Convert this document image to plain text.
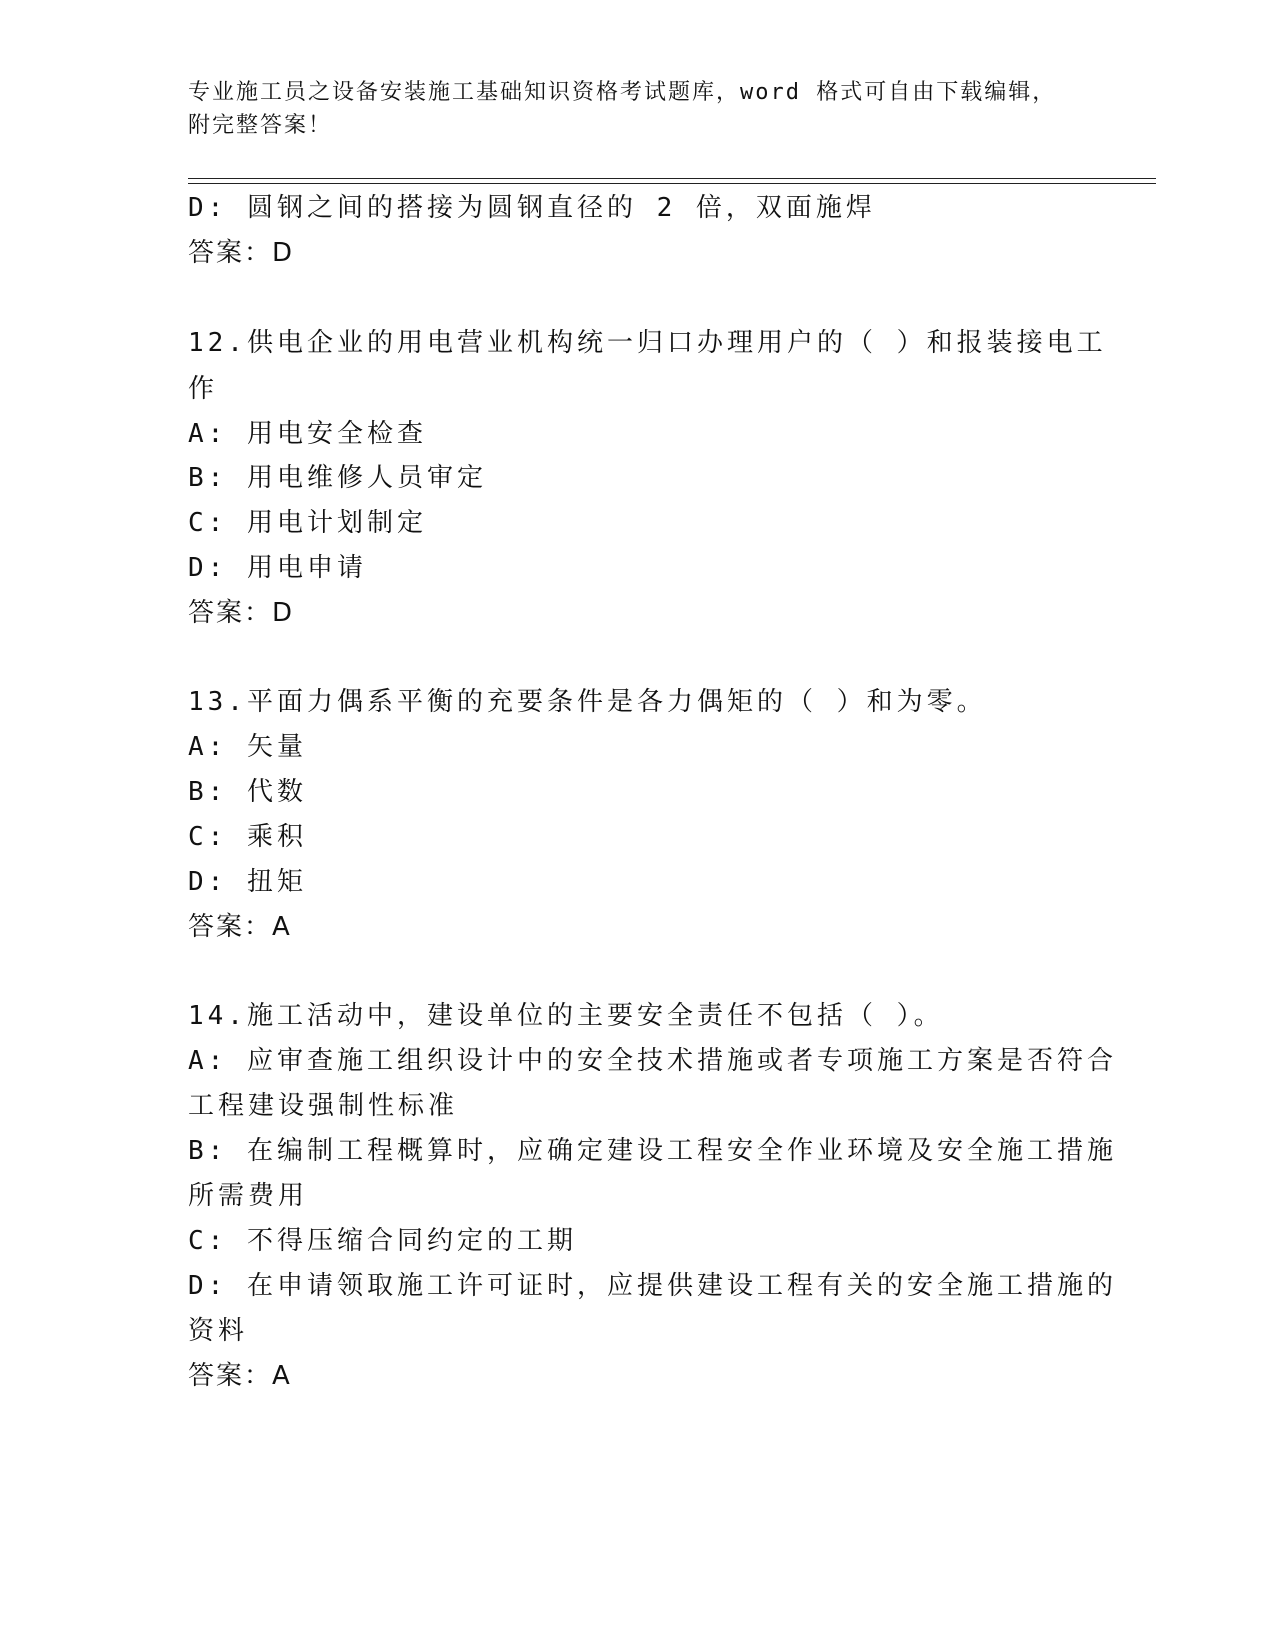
专业施工员之设备安装施工基础知识资格考试题库，word 格式可自由下载编辑，附完整答案！
D: 圆钢之间的搭接为圆钢直径的 2 倍，双面施焊
答案：D
12.供电企业的用电营业机构统一归口办理用户的（ ）和报装接电工
作
A: 用电安全检查
B: 用电维修人员审定
C: 用电计划制定
D: 用电申请
答案：D
13.平面力偶系平衡的充要条件是各力偶矩的（ ）和为零。
A: 矢量
B: 代数
C: 乘积
D: 扭矩
答案：A
14.施工活动中，建设单位的主要安全责任不包括（ ）。
A: 应审查施工组织设计中的安全技术措施或者专项施工方案是否符合
工程建设强制性标准
B: 在编制工程概算时，应确定建设工程安全作业环境及安全施工措施
所需费用
C: 不得压缩合同约定的工期
D: 在申请领取施工许可证时，应提供建设工程有关的安全施工措施的
资料
答案：A
